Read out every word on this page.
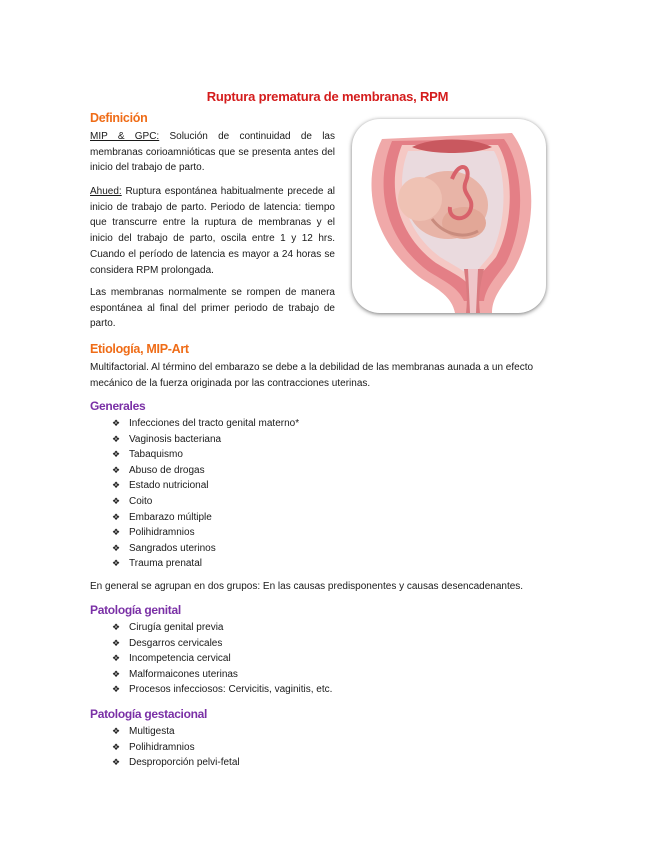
Ruptura prematura de membranas, RPM
Definición
MIP & GPC: Solución de continuidad de las membranas corioamnióticas que se presenta antes del inicio del trabajo de parto.
Ahued: Ruptura espontánea habitualmente precede al inicio de trabajo de parto. Periodo de latencia: tiempo que transcurre entre la ruptura de membranas y el inicio del trabajo de parto, oscila entre 1 y 12 hrs. Cuando el período de latencia es mayor a 24 horas se considera RPM prolongada.
Las membranas normalmente se rompen de manera espontánea al final del primer periodo de trabajo de parto.
Etiología, MIP-Art
Multifactorial. Al término del embarazo se debe a la debilidad de las membranas aunada a un efecto mecánico de la fuerza originada por las contracciones uterinas.
Generales
❖ Infecciones del tracto genital materno*
❖ Vaginosis bacteriana
❖ Tabaquismo
❖ Abuso de drogas
❖ Estado nutricional
❖ Coito
❖ Embarazo múltiple
❖ Polihidramnios
❖ Sangrados uterinos
❖ Trauma prenatal
En general se agrupan en dos grupos: En las causas predisponentes y causas desencadenantes.
Patología genital
❖ Cirugía genital previa
❖ Desgarros cervicales
❖ Incompetencia cervical
❖ Malformaicones uterinas
❖ Procesos infecciosos: Cervicitis, vaginitis, etc.
Patología gestacional
❖ Multigesta
❖ Polihidramnios
❖ Desproporción pelvi-fetal
